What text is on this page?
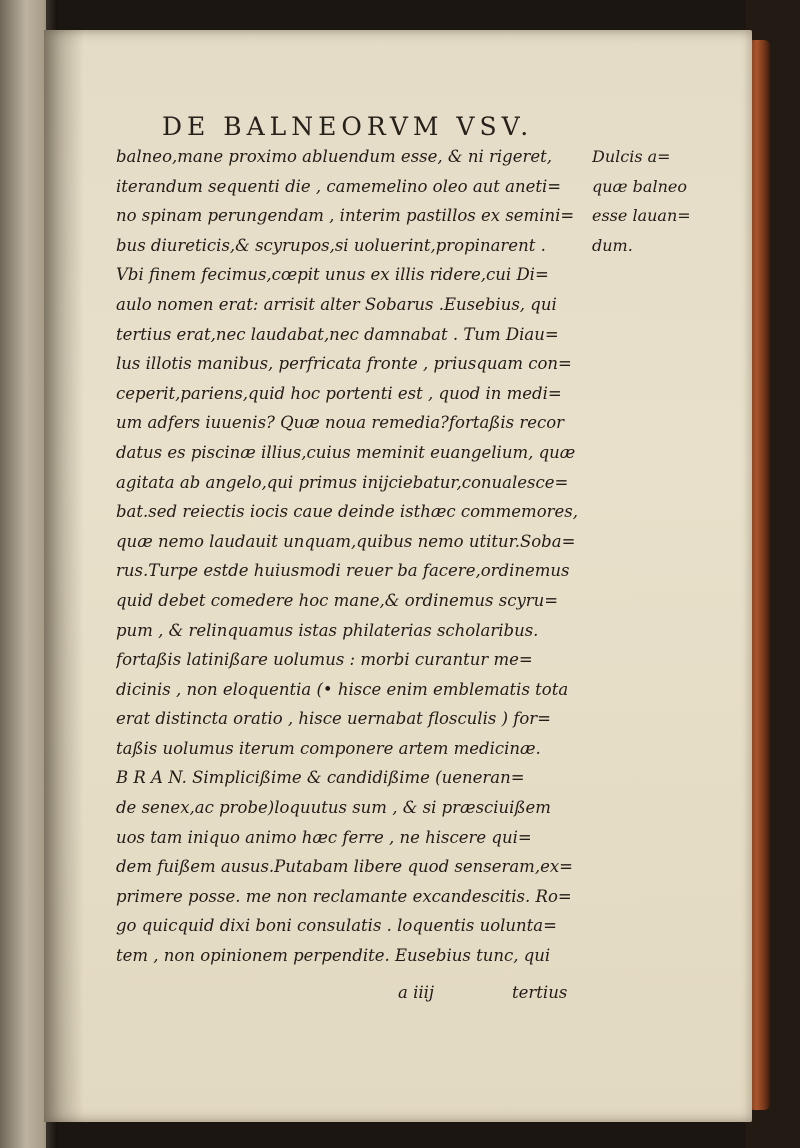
DE BALNEORVM VSV.
balneo,mane proximo abluendum esse, & ni rigeret,
iterandum sequenti die , camemelino oleo aut aneti=
no spinam perungendam , interim pastillos ex semini=
bus diureticis,& scyrupos,si uoluerint,propinarent .
Vbi finem fecimus,cœpit unus ex illis ridere,cui Di=
aulo nomen erat: arrisit alter Sobarus .Eusebius, qui
tertius erat,nec laudabat,nec damnabat . Tum Diau=
lus illotis manibus, perfricata fronte , priusquam con=
ceperit,pariens,quid hoc portenti est , quod in medi=
um adfers iuuenis? Quæ noua remedia?fortaßis recor
datus es piscinæ illius,cuius meminit euangelium, quæ
agitata ab angelo,qui primus inijciebatur,conualesce=
bat.sed reiectis iocis caue deinde isthæc commemores,
quæ nemo laudauit unquam,quibus nemo utitur.Soba=
rus.Turpe estde huiusmodi reuer ba facere,ordinemus
quid debet comedere hoc mane,& ordinemus scyru=
pum , & relinquamus istas philaterias scholaribus.
fortaßis latinißare uolumus : morbi curantur me=
dicinis , non eloquentia (• hisce enim emblematis tota
erat distincta oratio , hisce uernabat flosculis ) for=
taßis uolumus iterum componere artem medicinæ.
B R A N. Simplicißime & candidißime (ueneran=
de senex,ac probe)loquutus sum , & si præsciuißem
uos tam iniquo animo hæc ferre , ne hiscere qui=
dem fuißem ausus.Putabam libere quod senseram,ex=
primere posse. me non reclamante excandescitis. Ro=
go quicquid dixi boni consulatis . loquentis uolunta=
tem , non opinionem perpendite. Eusebius tunc, qui
Dulcis a=
quæ balneo
esse lauan=
dum.
a iiij	tertius
